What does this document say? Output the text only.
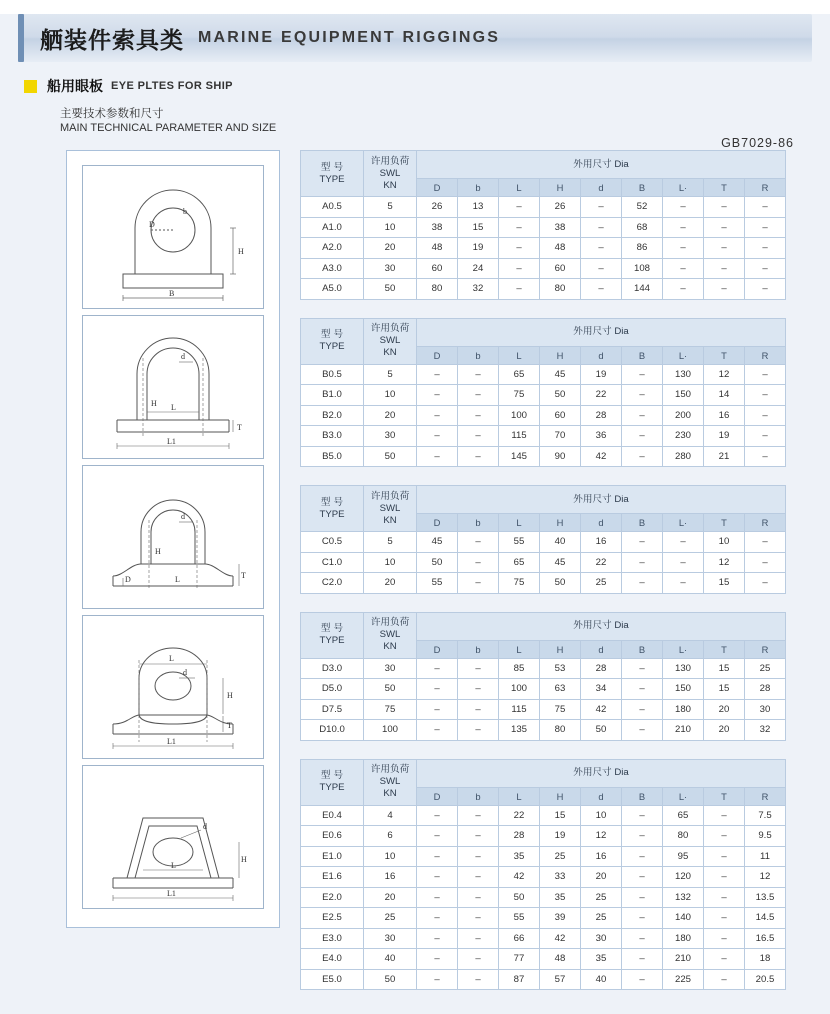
舾装件索具类 MARINE EQUIPMENT RIGGINGS
船用眼板 EYE PLTES FOR SHIP
主要技术参数和尺寸
MAIN TECHNICAL PARAMETER AND SIZE
GB7029-86
D
b
H
B
d
H
T
L
L1
d
H
T
D	L
L
d
H
T
L1
d
H
L
L1
型 号
TYPE

许用负荷
SWL
KN
	外用尺寸 Dia
		D	b	L	H	d	B	L·	T	R
A0.5	5	26	13	–	26	–	52	–	–	–
A1.0	10	38	15	–	38	–	68	–	–	–
A2.0	20	48	19	–	48	–	86	–	–	–
A3.0	30	60	24	–	60	–	108	–	–	–
A5.0	50	80	32	–	80	–	144	–	–	–
型 号
TYPE

许用负荷
SWL
KN
	外用尺寸 Dia
		D	b	L	H	d	B	L·	T	R
B0.5	5	–	–	65	45	19	–	130	12	–
B1.0	10	–	–	75	50	22	–	150	14	–
B2.0	20	–	–	100	60	28	–	200	16	–
B3.0	30	–	–	115	70	36	–	230	19	–
B5.0	50	–	–	145	90	42	–	280	21	–
型 号
TYPE

许用负荷
SWL
KN
	外用尺寸 Dia
		D	b	L	H	d	B	L·	T	R
C0.5	5	45	–	55	40	16	–	–	10	–
C1.0	10	50	–	65	45	22	–	–	12	–
C2.0	20	55	–	75	50	25	–	–	15	–
型 号
TYPE

许用负荷
SWL
KN
	外用尺寸 Dia
		D	b	L	H	d	B	L·	T	R
D3.0	30	–	–	85	53	28	–	130	15	25
D5.0	50	–	–	100	63	34	–	150	15	28
D7.5	75	–	–	115	75	42	–	180	20	30
D10.0	100	–	–	135	80	50	–	210	20	32
型 号
TYPE

许用负荷
SWL
KN
	外用尺寸 Dia
		D	b	L	H	d	B	L·	T	R
E0.4	4	–	–	22	15	10	–	65	–	7.5
E0.6	6	–	–	28	19	12	–	80	–	9.5
E1.0	10	–	–	35	25	16	–	95	–	11
E1.6	16	–	–	42	33	20	–	120	–	12
E2.0	20	–	–	50	35	25	–	132	–	13.5
E2.5	25	–	–	55	39	25	–	140	–	14.5
E3.0	30	–	–	66	42	30	–	180	–	16.5
E4.0	40	–	–	77	48	35	–	210	–	18
E5.0	50	–	–	87	57	40	–	225	–	20.5
